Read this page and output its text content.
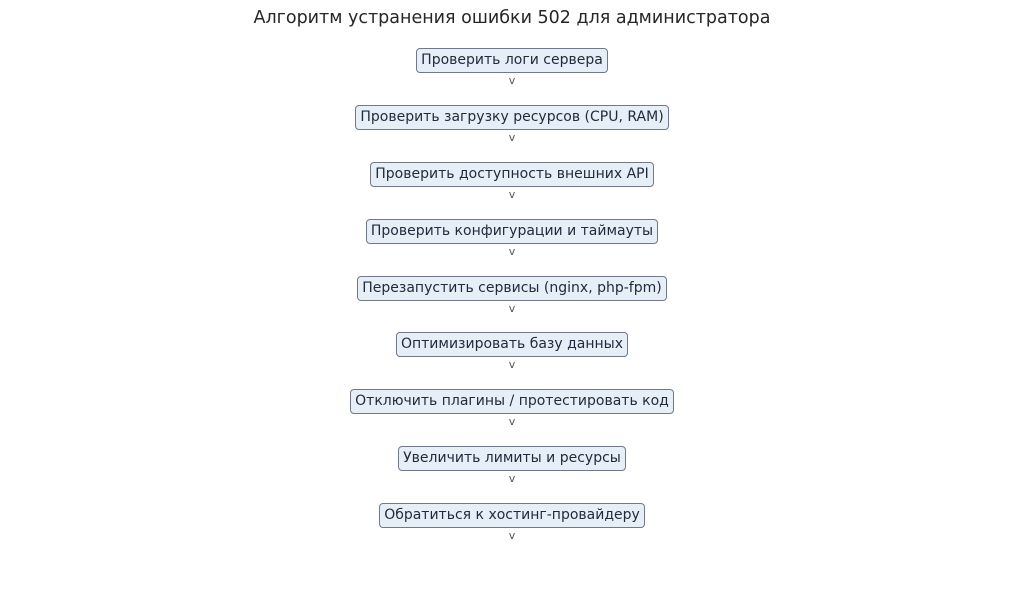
Алгоритм устранения ошибки 502 для администратора
Проверить логи сервера
v
Проверить загрузку ресурсов (CPU, RAM)
v
Проверить доступность внешних API
v
Проверить конфигурации и таймауты
v
Перезапустить сервисы (nginx, php-fpm)
v
Оптимизировать базу данных
v
Отключить плагины / протестировать код
v
Увеличить лимиты и ресурсы
v
Обратиться к хостинг-провайдеру
v
